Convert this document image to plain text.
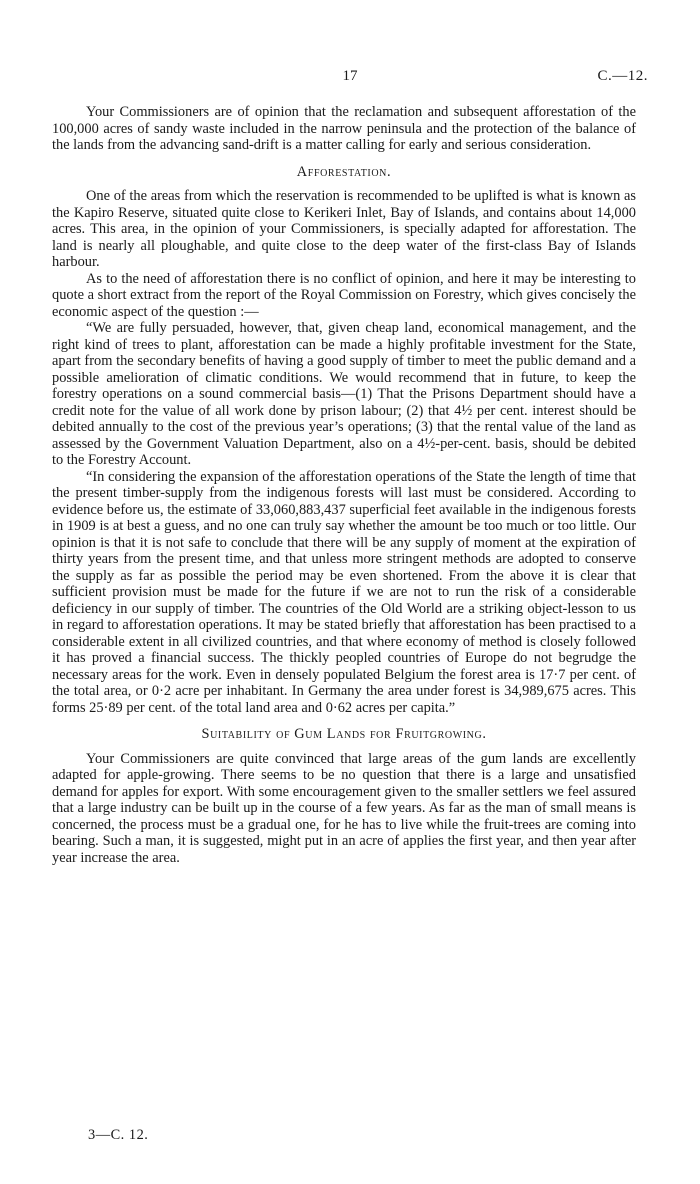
17	C.—12.

Your Commissioners are of opinion that the reclamation and subsequent afforestation of the 100,000 acres of sandy waste included in the narrow peninsula and the protection of the balance of the lands from the advancing sand-drift is a matter calling for early and serious consideration.

Afforestation.

One of the areas from which the reservation is recommended to be uplifted is what is known as the Kapiro Reserve, situated quite close to Kerikeri Inlet, Bay of Islands, and contains about 14,000 acres. This area, in the opinion of your Commissioners, is specially adapted for afforestation. The land is nearly all ploughable, and quite close to the deep water of the first-class Bay of Islands harbour.

As to the need of afforestation there is no conflict of opinion, and here it may be interesting to quote a short extract from the report of the Royal Commission on Forestry, which gives concisely the economic aspect of the question :—

“We are fully persuaded, however, that, given cheap land, economical management, and the right kind of trees to plant, afforestation can be made a highly profitable investment for the State, apart from the secondary benefits of having a good supply of timber to meet the public demand and a possible amelioration of climatic conditions. We would recommend that in future, to keep the forestry operations on a sound commercial basis—(1) That the Prisons Department should have a credit note for the value of all work done by prison labour; (2) that 4½ per cent. interest should be debited annually to the cost of the previous year’s operations; (3) that the rental value of the land as assessed by the Government Valuation Department, also on a 4½-per-cent. basis, should be debited to the Forestry Account.

“In considering the expansion of the afforestation operations of the State the length of time that the present timber-supply from the indigenous forests will last must be considered. According to evidence before us, the estimate of 33,060,883,437 superficial feet available in the indigenous forests in 1909 is at best a guess, and no one can truly say whether the amount be too much or too little. Our opinion is that it is not safe to conclude that there will be any supply of moment at the expiration of thirty years from the present time, and that unless more stringent methods are adopted to conserve the supply as far as possible the period may be even shortened. From the above it is clear that sufficient provision must be made for the future if we are not to run the risk of a considerable deficiency in our supply of timber. The countries of the Old World are a striking object-lesson to us in regard to afforestation operations. It may be stated briefly that afforestation has been practised to a considerable extent in all civilized countries, and that where economy of method is closely followed it has proved a financial success. The thickly peopled countries of Europe do not begrudge the necessary areas for the work. Even in densely populated Belgium the forest area is 17·7 per cent. of the total area, or 0·2 acre per inhabitant. In Germany the area under forest is 34,989,675 acres. This forms 25·89 per cent. of the total land area and 0·62 acres per capita.”

Suitability of Gum Lands for Fruitgrowing.

Your Commissioners are quite convinced that large areas of the gum lands are excellently adapted for apple-growing. There seems to be no question that there is a large and unsatisfied demand for apples for export. With some encouragement given to the smaller settlers we feel assured that a large industry can be built up in the course of a few years. As far as the man of small means is concerned, the process must be a gradual one, for he has to live while the fruit-trees are coming into bearing. Such a man, it is suggested, might put in an acre of applies the first year, and then year after year increase the area.

3—C. 12.
